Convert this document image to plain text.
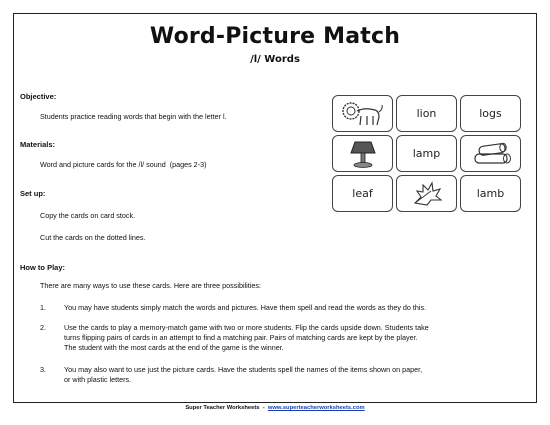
Word-Picture Match
/l/ Words
Objective:
Students practice reading words that begin with the letter l.
Materials:
Word and picture cards for the /l/ sound  (pages 2-3)
Set up:
Copy the cards on card stock.
Cut the cards on the dotted lines.
How to Play:
There are many ways to use these cards. Here are three possibilities:
1.	You may have students simply match the words and pictures. Have them spell and read the words as they do this.
2.	Use the cards to play a memory-match game with two or more students. Flip the cards upside down. Students take
turns flipping pairs of cards in an attempt to find a matching pair. Pairs of matching cards are kept by the player.
The student with the most cards at the end of the game is the winner.
3.	You may also want to use just the picture cards. Have the students spell the names of the items shown on paper,
or with plastic letters.
lion	logs
lamp
leaf	lamb
Super Teacher Worksheets  -  www.superteacherworksheets.com
